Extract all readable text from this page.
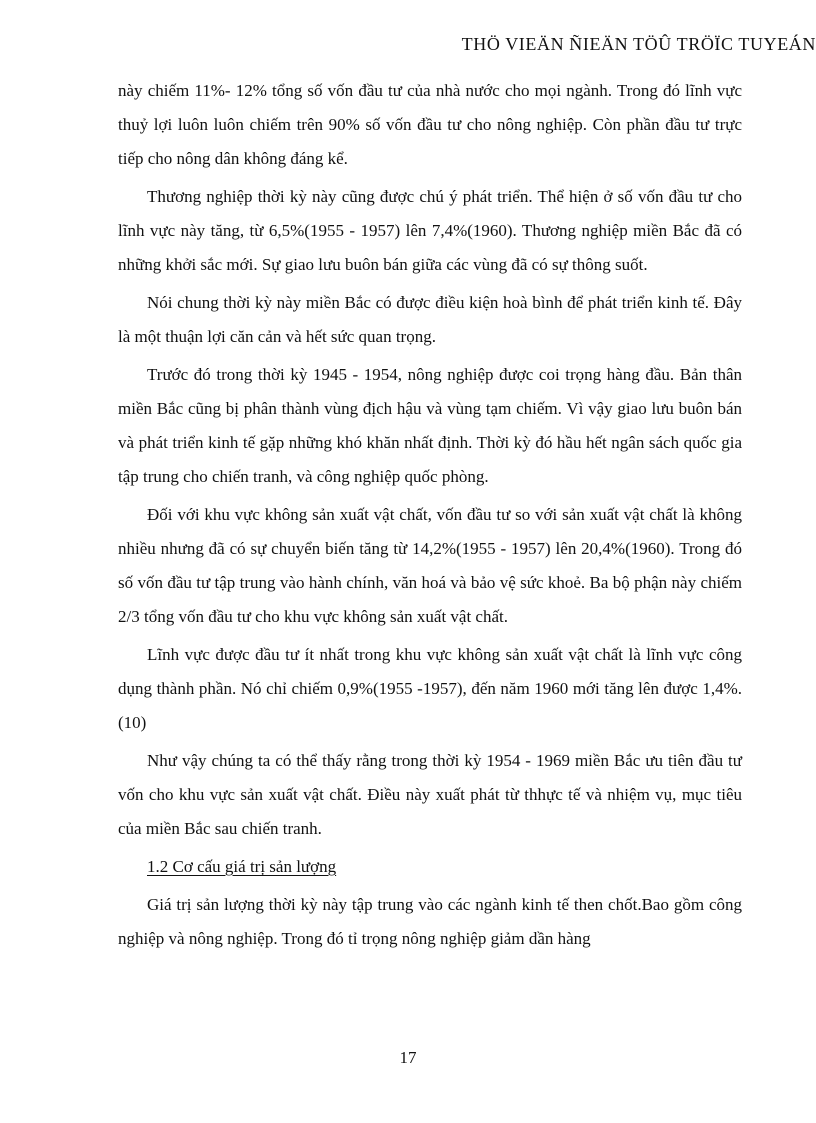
THÖ VIEÄN ÑIEÄN TÖÛ TRÖÏC TUYEÁN

này chiếm 11%- 12% tổng số vốn đầu tư của nhà nước cho mọi ngành. Trong đó lĩnh vực thuỷ lợi luôn luôn chiếm trên 90% số vốn đầu tư cho nông nghiệp. Còn phần đầu tư trực tiếp cho nông dân không đáng kể.

Thương nghiệp thời kỳ này cũng được chú ý phát triển. Thể hiện ở số vốn đầu tư cho lĩnh vực này tăng, từ 6,5%(1955 - 1957) lên 7,4%(1960). Thương nghiệp miền Bắc đã có những khởi sắc mới. Sự giao lưu buôn bán giữa các vùng đã có sự thông suốt.

Nói chung thời kỳ này miền Bắc có được điều kiện hoà bình để phát triển kinh tế. Đây là một thuận lợi căn cản và hết sức quan trọng.

Trước đó trong thời kỳ 1945 - 1954, nông nghiệp được coi trọng hàng đầu. Bản thân miền Bắc cũng bị phân thành vùng địch hậu và vùng tạm chiếm. Vì vậy giao lưu buôn bán và phát triển kinh tế gặp những khó khăn nhất định. Thời kỳ đó hầu hết ngân sách quốc gia tập trung cho chiến tranh, và công nghiệp quốc phòng.

Đối với khu vực không sản xuất vật chất, vốn đầu tư so với sản xuất vật chất là không nhiều nhưng đã có sự chuyển biến tăng từ 14,2%(1955 - 1957) lên 20,4%(1960). Trong đó số vốn đầu tư tập trung vào hành chính, văn hoá và bảo vệ sức khoẻ. Ba bộ phận này chiếm 2/3 tổng vốn đầu tư cho khu vực không sản xuất vật chất.

Lĩnh vực được đầu tư ít nhất trong khu vực không sản xuất vật chất là lĩnh vực công dụng thành phần. Nó chỉ chiếm 0,9%(1955 -1957), đến năm 1960 mới tăng lên được 1,4%.(10)

Như vậy chúng ta có thể thấy rằng trong thời kỳ 1954 - 1969 miền Bắc ưu tiên đầu tư vốn cho khu vực sản xuất vật chất. Điều này xuất phát từ thhực tế và nhiệm vụ, mục tiêu của miền Bắc sau chiến tranh.

1.2 Cơ cấu giá trị sản lượng

Giá trị sản lượng thời kỳ này tập trung vào các ngành kinh tế then chốt.Bao gồm công nghiệp và nông nghiệp. Trong đó tỉ trọng nông nghiệp giảm dần hàng

17
